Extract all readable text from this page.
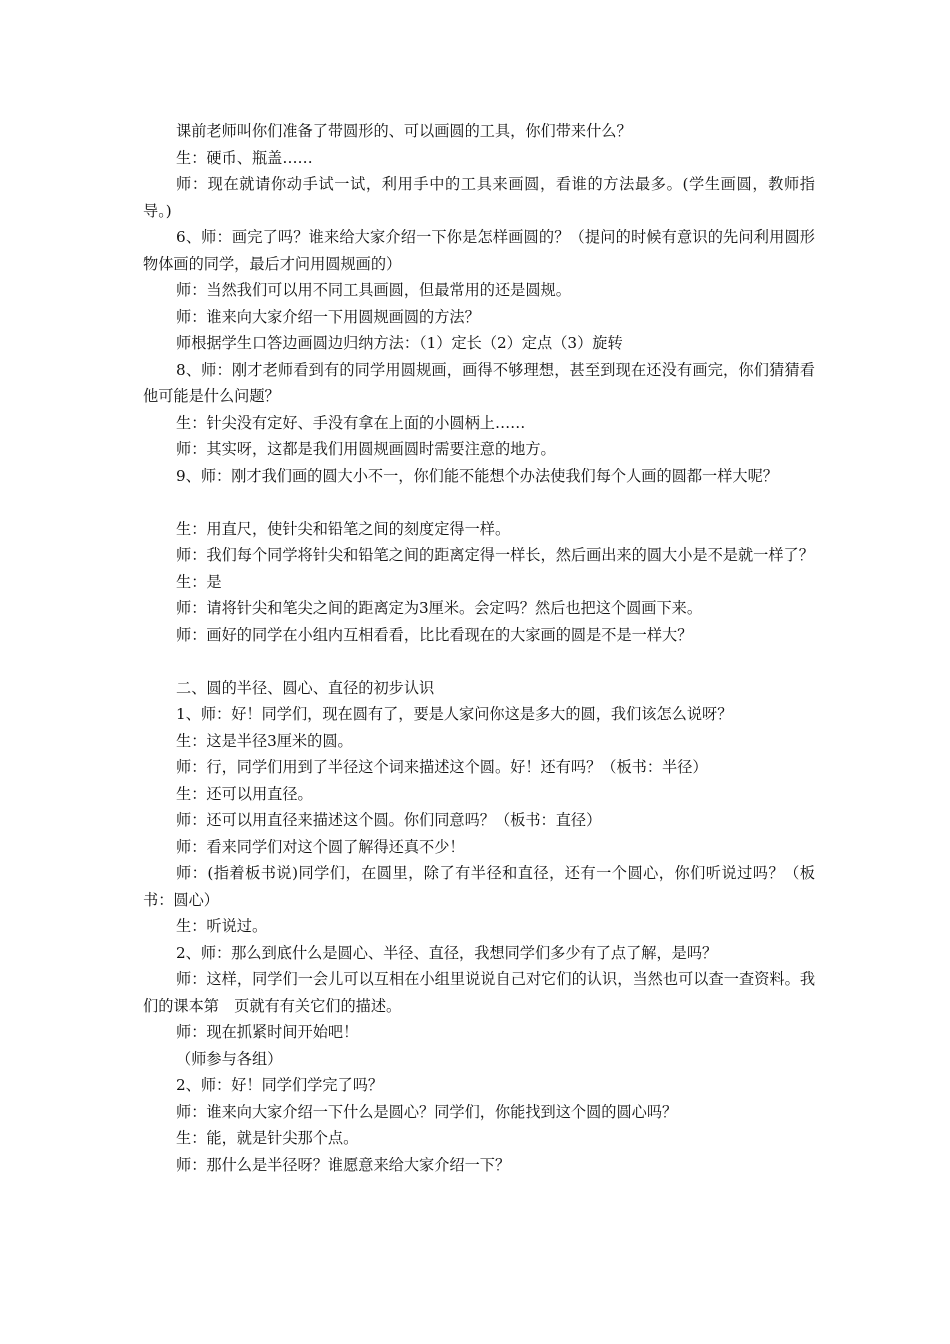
课前老师叫你们准备了带圆形的、可以画圆的工具，你们带来什么？

生：硬币、瓶盖……

师：现在就请你动手试一试，利用手中的工具来画圆，看谁的方法最多。(学生画圆，教师指导。)

6、师：画完了吗？谁来给大家介绍一下你是怎样画圆的？（提问的时候有意识的先问利用圆形物体画的同学，最后才问用圆规画的）

师：当然我们可以用不同工具画圆，但最常用的还是圆规。

师：谁来向大家介绍一下用圆规画圆的方法？

师根据学生口答边画圆边归纳方法：（1）定长（2）定点（3）旋转

8、师：刚才老师看到有的同学用圆规画，画得不够理想，甚至到现在还没有画完，你们猜猜看他可能是什么问题？

生：针尖没有定好、手没有拿在上面的小圆柄上……

师：其实呀，这都是我们用圆规画圆时需要注意的地方。

9、师：刚才我们画的圆大小不一，你们能不能想个办法使我们每个人画的圆都一样大呢？

生：用直尺，使针尖和铅笔之间的刻度定得一样。

师：我们每个同学将针尖和铅笔之间的距离定得一样长，然后画出来的圆大小是不是就一样了？

生：是

师：请将针尖和笔尖之间的距离定为3厘米。会定吗？然后也把这个圆画下来。

师：画好的同学在小组内互相看看，比比看现在的大家画的圆是不是一样大？

二、圆的半径、圆心、直径的初步认识

1、师：好！同学们，现在圆有了，要是人家问你这是多大的圆，我们该怎么说呀？

生：这是半径3厘米的圆。

师：行，同学们用到了半径这个词来描述这个圆。好！还有吗？（板书：半径）

生：还可以用直径。

师：还可以用直径来描述这个圆。你们同意吗？（板书：直径）

师：看来同学们对这个圆了解得还真不少！

师：(指着板书说)同学们，在圆里，除了有半径和直径，还有一个圆心，你们听说过吗？（板书：圆心）

生：听说过。

2、师：那么到底什么是圆心、半径、直径，我想同学们多少有了点了解，是吗？

师：这样，同学们一会儿可以互相在小组里说说自己对它们的认识，当然也可以查一查资料。我们的课本第　页就有有关它们的描述。

师：现在抓紧时间开始吧！

（师参与各组）

2、师：好！同学们学完了吗？

师：谁来向大家介绍一下什么是圆心？同学们，你能找到这个圆的圆心吗？

生：能，就是针尖那个点。

师：那什么是半径呀？谁愿意来给大家介绍一下？
